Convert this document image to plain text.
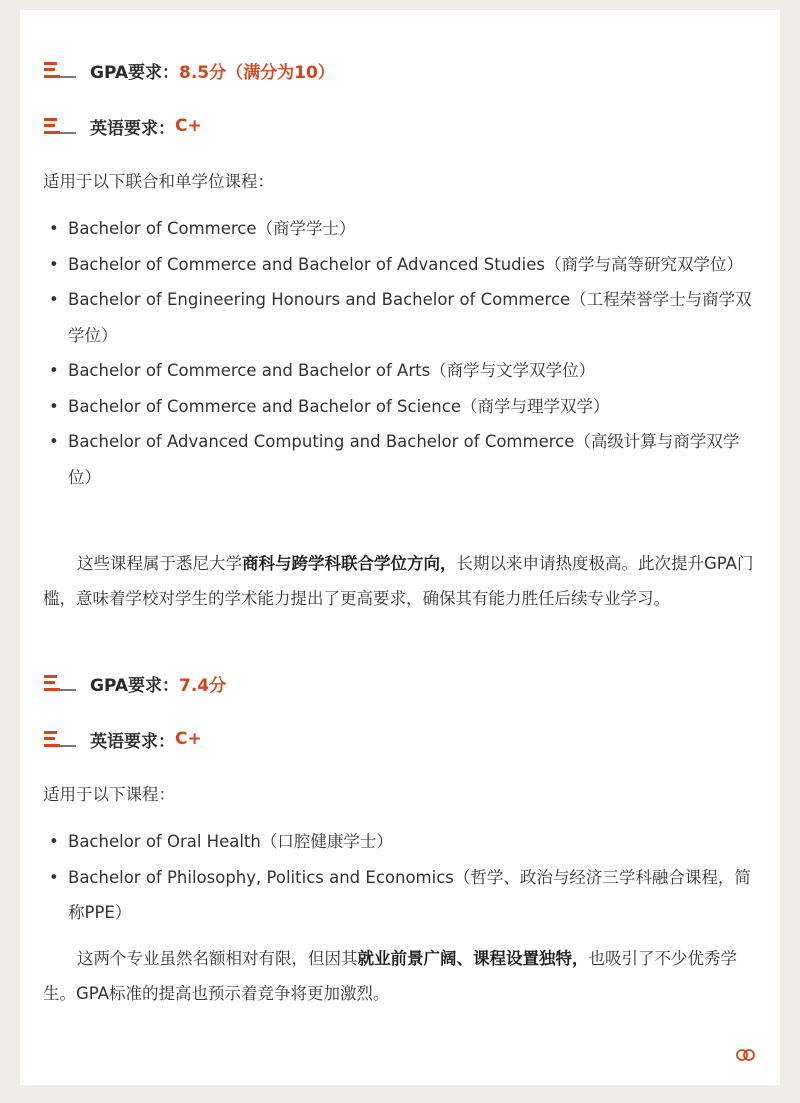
GPA要求： 8.5分（满分为10）
英语要求： C+
适用于以下联合和单学位课程：
• Bachelor of Commerce（商学学士）
• Bachelor of Commerce and Bachelor of Advanced Studies（商学与高等研究双学位）
• Bachelor of Engineering Honours and Bachelor of Commerce（工程荣誉学士与商学双学位）
• Bachelor of Commerce and Bachelor of Arts（商学与文学双学位）
• Bachelor of Commerce and Bachelor of Science（商学与理学双学）
• Bachelor of Advanced Computing and Bachelor of Commerce（高级计算与商学双学位）

这些课程属于悉尼大学商科与跨学科联合学位方向，长期以来申请热度极高。此次提升GPA门槛，意味着学校对学生的学术能力提出了更高要求，确保其有能力胜任后续专业学习。

GPA要求： 7.4分
英语要求： C+
适用于以下课程：
• Bachelor of Oral Health（口腔健康学士）
• Bachelor of Philosophy, Politics and Economics（哲学、政治与经济三学科融合课程，简称PPE）

这两个专业虽然名额相对有限，但因其就业前景广阔、课程设置独特，也吸引了不少优秀学生。GPA标准的提高也预示着竞争将更加激烈。
